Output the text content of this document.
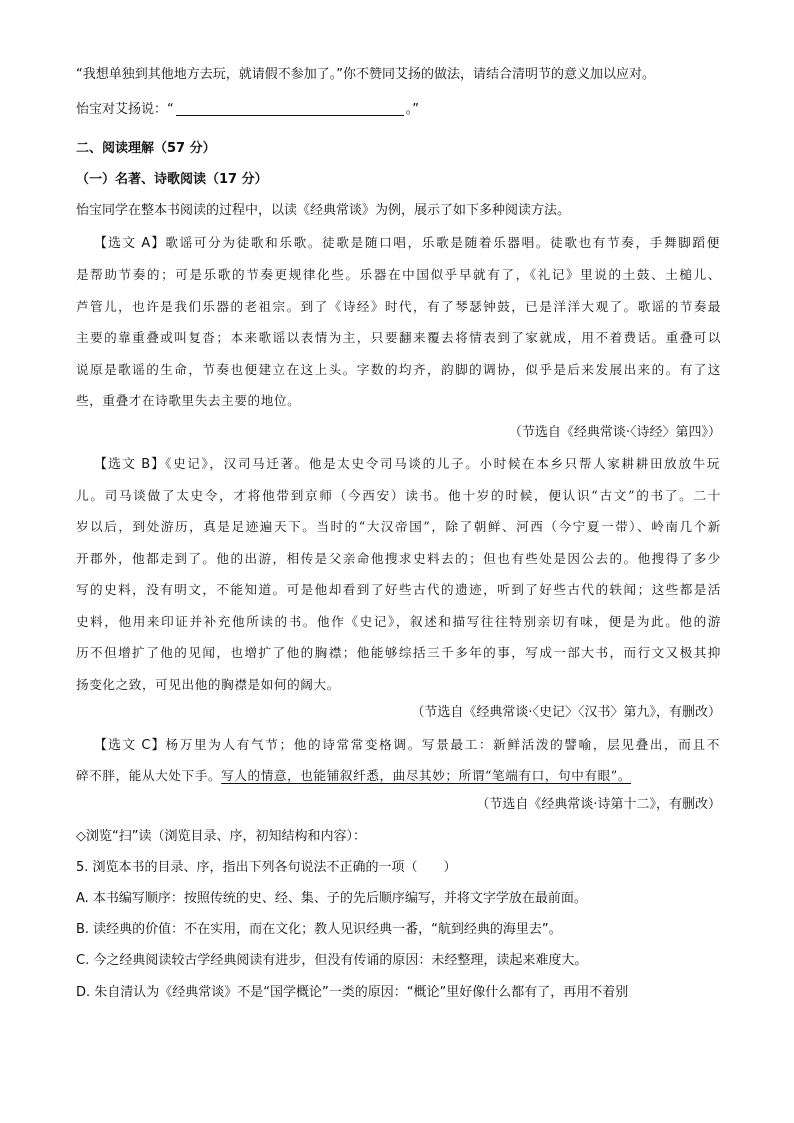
“我想单独到其他地方去玩，就请假不参加了。”你不赞同艾扬的做法，请结合清明节的意义加以应对。
怡宝对艾扬说：“	。”
二、阅读理解（57 分）
（一）名著、诗歌阅读（17 分）
怡宝同学在整本书阅读的过程中，以读《经典常谈》为例，展示了如下多种阅读方法。
【选文 A】歌谣可分为徒歌和乐歌。徒歌是随口唱，乐歌是随着乐器唱。徒歌也有节奏，手舞脚蹈便
是帮助节奏的；可是乐歌的节奏更规律化些。乐器在中国似乎早就有了，《礼记》里说的土鼓、土槌儿、
芦管儿，也许是我们乐器的老祖宗。到了《诗经》时代，有了琴瑟钟鼓，已是洋洋大观了。歌谣的节奏最
主要的靠重叠或叫复沓；本来歌谣以表情为主，只要翻来覆去将情表到了家就成，用不着费话。重叠可以
说原是歌谣的生命，节奏也便建立在这上头。字数的均齐，韵脚的调协，似乎是后来发展出来的。有了这
些，重叠才在诗歌里失去主要的地位。
（节选自《经典常谈·〈诗经〉第四》）
【选文 B】《史记》，汉司马迁著。他是太史令司马谈的儿子。小时候在本乡只帮人家耕耕田放放牛玩
儿。司马谈做了太史令，才将他带到京师（今西安）读书。他十岁的时候，便认识“古文”的书了。二十
岁以后，到处游历，真是足迹遍天下。当时的“大汉帝国”，除了朝鲜、河西（今宁夏一带）、岭南几个新
开郡外，他都走到了。他的出游，相传是父亲命他搜求史料去的；但也有些处是因公去的。他搜得了多少
写的史料，没有明文，不能知道。可是他却看到了好些古代的遗迹，听到了好些古代的轶闻；这些都是活
史料，他用来印证并补充他所读的书。他作《史记》，叙述和描写往往特别亲切有味，便是为此。他的游
历不但增扩了他的见闻，也增扩了他的胸襟；他能够综括三千多年的事，写成一部大书，而行文又极其抑
扬变化之致，可见出他的胸襟是如何的阔大。
（节选自《经典常谈·〈史记〉〈汉书〉第九》，有删改）
【选文 C】杨万里为人有气节；他的诗常常变格调。写景最工：新鲜活泼的譬喻，层见叠出，而且不
碎不胖，能从大处下手。写人的情意，也能铺叙纤悉，曲尽其妙；所谓“笔端有口，句中有眼”。
（节选自《经典常谈·诗第十二》，有删改）
◇浏览“扫”读（浏览目录、序，初知结构和内容）：
5. 浏览本书的目录、序，指出下列各句说法不正确的一项（　　）
A. 本书编写顺序：按照传统的史、经、集、子的先后顺序编写，并将文字学放在最前面。
B. 读经典的价值：不在实用，而在文化；教人见识经典一番，“航到经典的海里去”。
C. 今之经典阅读较古学经典阅读有进步，但没有传诵的原因：未经整理，读起来难度大。
D. 朱自清认为《经典常谈》不是“国学概论”一类的原因：“概论”里好像什么都有了，再用不着别
